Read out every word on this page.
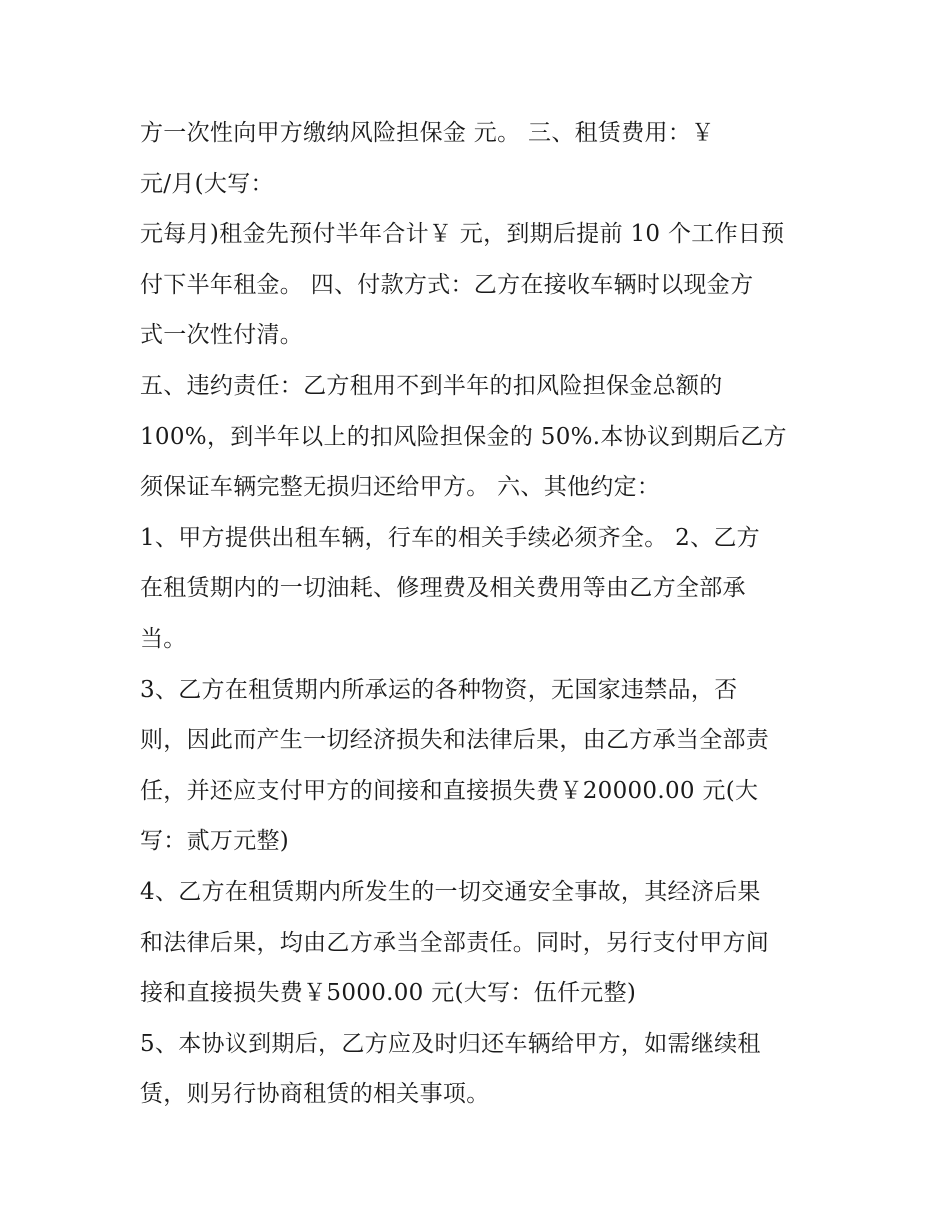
方一次性向甲方缴纳风险担保金 元。 三、租赁费用：￥
元/月(大写：
元每月)租金先预付半年合计￥ 元，到期后提前 10 个工作日预
付下半年租金。 四、付款方式：乙方在接收车辆时以现金方
式一次性付清。
五、违约责任：乙方租用不到半年的扣风险担保金总额的
100%，到半年以上的扣风险担保金的 50%.本协议到期后乙方
须保证车辆完整无损归还给甲方。 六、其他约定：
1、甲方提供出租车辆，行车的相关手续必须齐全。 2、乙方
在租赁期内的一切油耗、修理费及相关费用等由乙方全部承
当。
3、乙方在租赁期内所承运的各种物资，无国家违禁品，否
则，因此而产生一切经济损失和法律后果，由乙方承当全部责
任，并还应支付甲方的间接和直接损失费￥20000.00 元(大
写：贰万元整)
4、乙方在租赁期内所发生的一切交通安全事故，其经济后果
和法律后果，均由乙方承当全部责任。同时，另行支付甲方间
接和直接损失费￥5000.00 元(大写：伍仟元整)
5、本协议到期后，乙方应及时归还车辆给甲方，如需继续租
赁，则另行协商租赁的相关事项。
